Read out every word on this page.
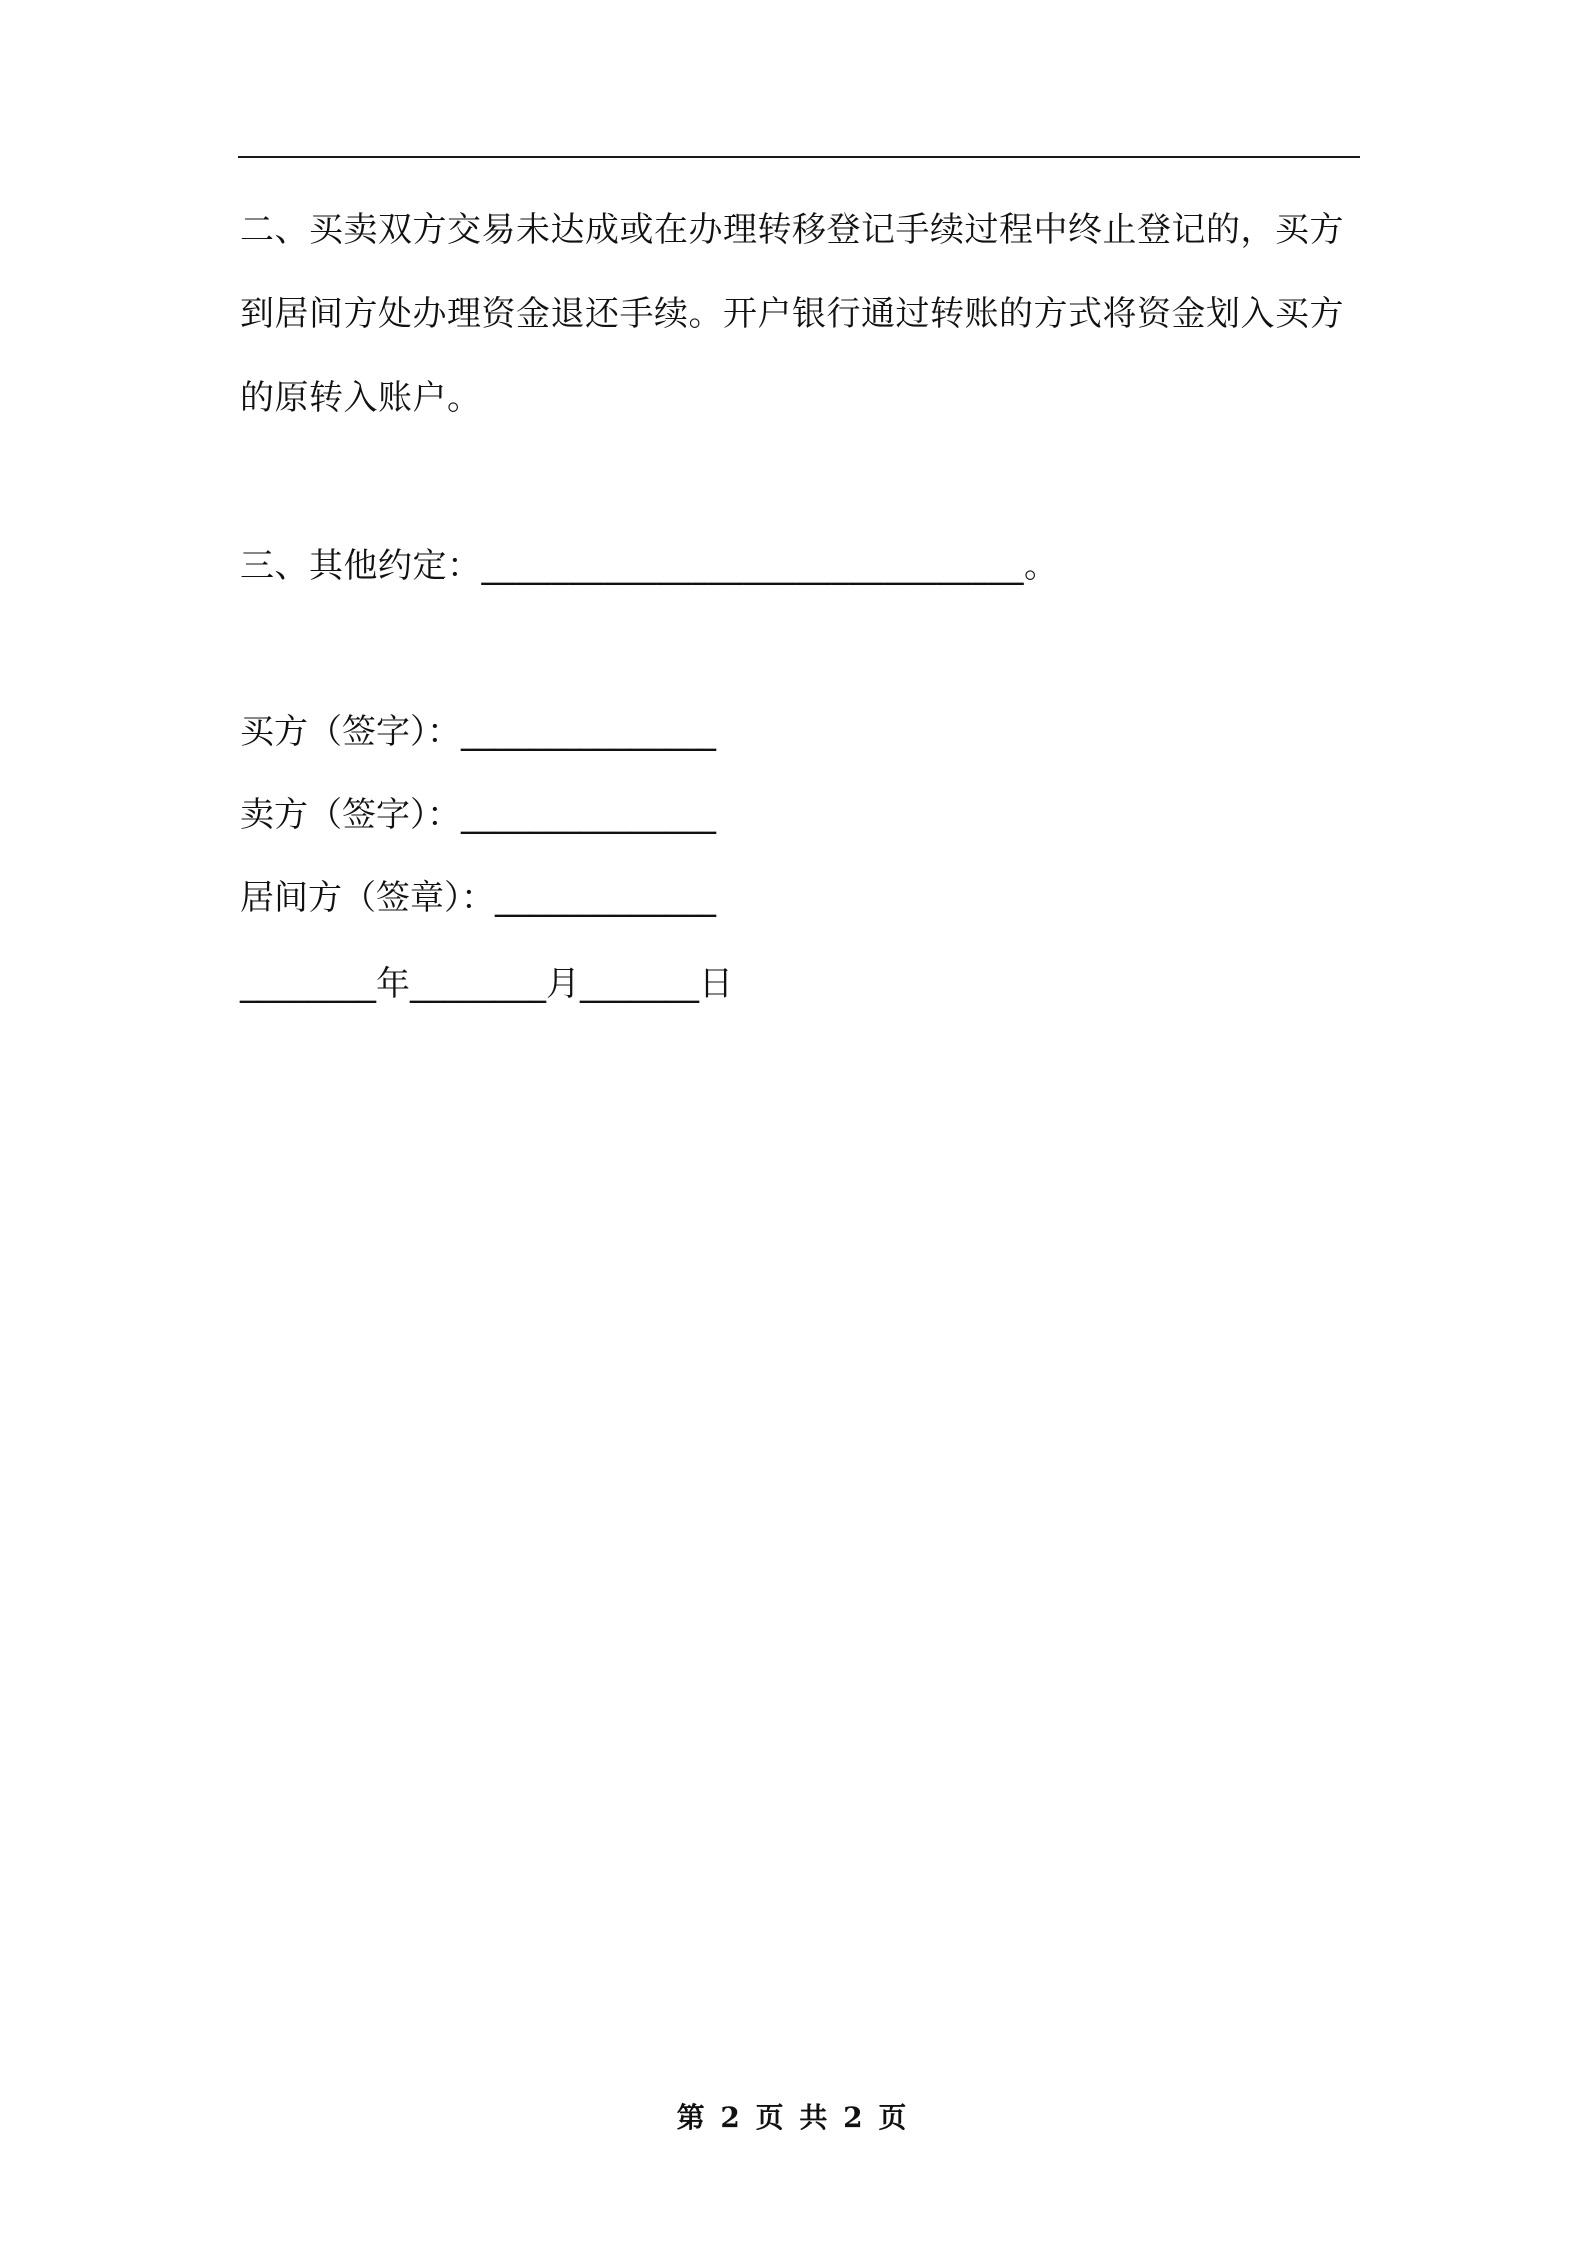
二、买卖双方交易未达成或在办理转移登记手续过程中终止登记的，买方到居间方处办理资金退还手续。开户银行通过转账的方式将资金划入买方的原转入账户。

三、其他约定：_______________________________。

买方（签字）：_______________

卖方（签字）：_______________

居间方（签章）：_____________

________年________月_______日

第 2 页 共 2 页
